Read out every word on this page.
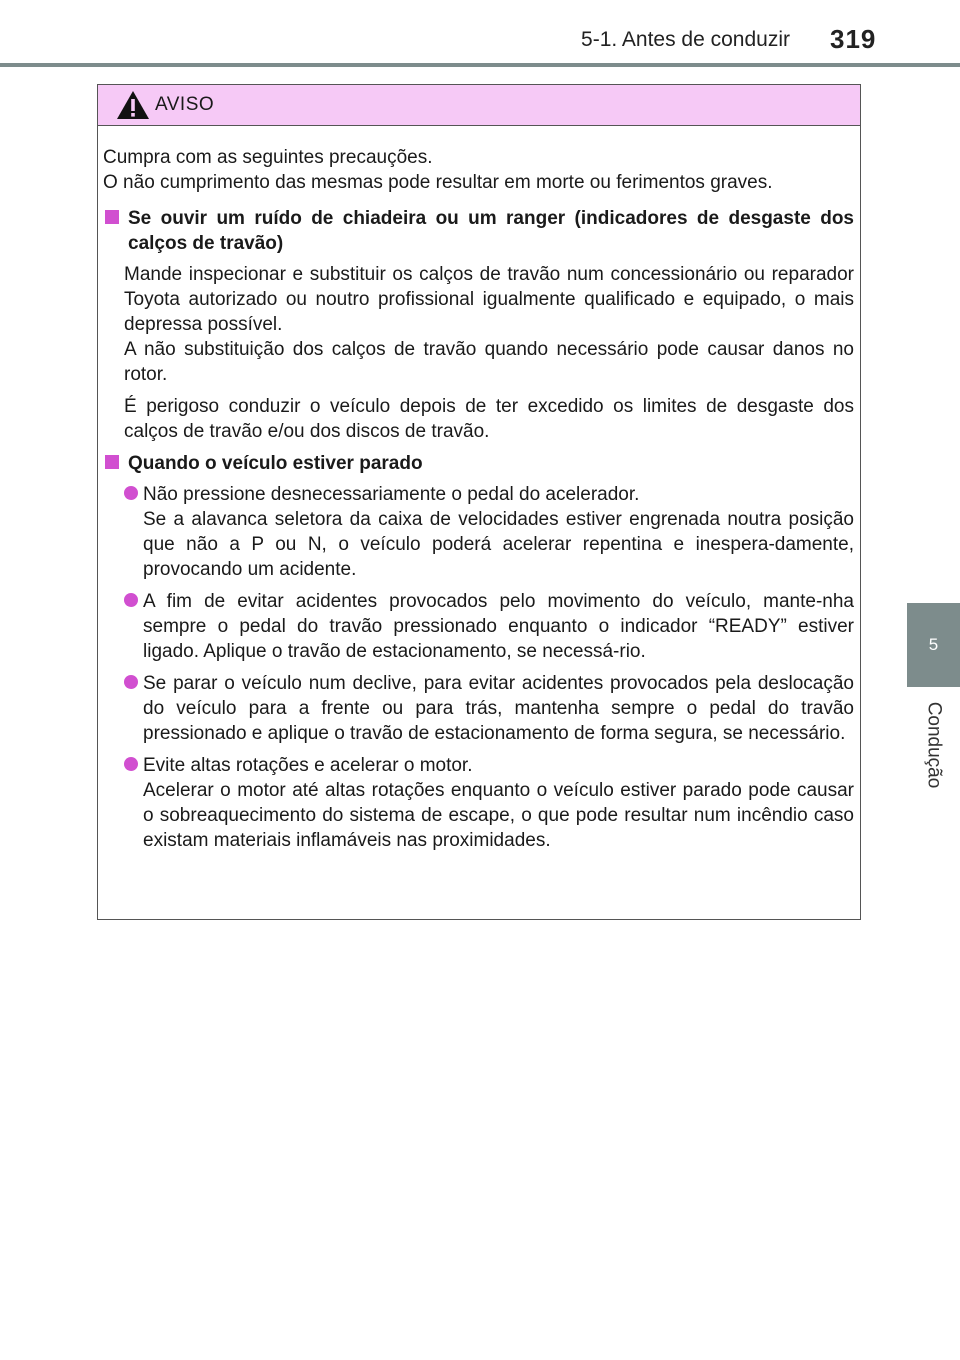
5-1. Antes de conduzir 319
5
Condução
AVISO

Cumpra com as seguintes precauções.
O não cumprimento das mesmas pode resultar em morte ou ferimentos graves.

Se ouvir um ruído de chiadeira ou um ranger (indicadores de desgaste dos calços de travão)

Mande inspecionar e substituir os calços de travão num concessionário ou reparador Toyota autorizado ou noutro profissional igualmente qualificado e equipado, o mais depressa possível.
A não substituição dos calços de travão quando necessário pode causar danos no rotor.

É perigoso conduzir o veículo depois de ter excedido os limites de desgaste dos calços de travão e/ou dos discos de travão.

Quando o veículo estiver parado
Não pressione desnecessariamente o pedal do acelerador.
Se a alavanca seletora da caixa de velocidades estiver engrenada noutra posição que não a P ou N, o veículo poderá acelerar repentina e inespera-damente, provocando um acidente.
A fim de evitar acidentes provocados pelo movimento do veículo, mante-nha sempre o pedal do travão pressionado enquanto o indicador “READY” estiver ligado. Aplique o travão de estacionamento, se necessá-rio.
Se parar o veículo num declive, para evitar acidentes provocados pela deslocação do veículo para a frente ou para trás, mantenha sempre o pedal do travão pressionado e aplique o travão de estacionamento de forma segura, se necessário.
Evite altas rotações e acelerar o motor.
Acelerar o motor até altas rotações enquanto o veículo estiver parado pode causar o sobreaquecimento do sistema de escape, o que pode resultar num incêndio caso existam materiais inflamáveis nas proximidades.
